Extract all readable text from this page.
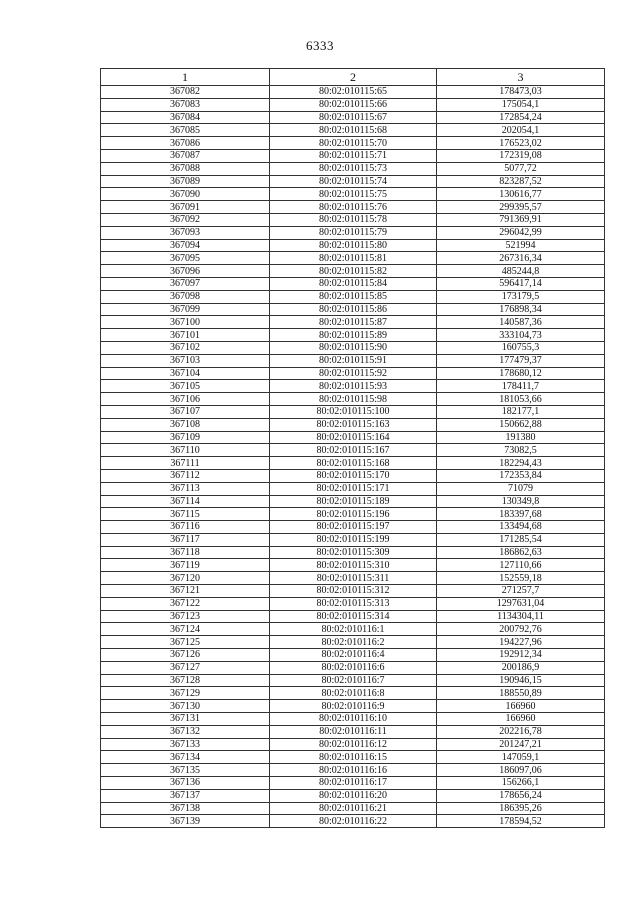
6333
1	2	3
367082	80:02:010115:65	178473,03
367083	80:02:010115:66	175054,1
367084	80:02:010115:67	172854,24
367085	80:02:010115:68	202054,1
367086	80:02:010115:70	176523,02
367087	80:02:010115:71	172319,08
367088	80:02:010115:73	5077,72
367089	80:02:010115:74	823287,52
367090	80:02:010115:75	130616,77
367091	80:02:010115:76	299395,57
367092	80:02:010115:78	791369,91
367093	80:02:010115:79	296042,99
367094	80:02:010115:80	521994
367095	80:02:010115:81	267316,34
367096	80:02:010115:82	485244,8
367097	80:02:010115:84	596417,14
367098	80:02:010115:85	173179,5
367099	80:02:010115:86	176898,34
367100	80:02:010115:87	140587,36
367101	80:02:010115:89	333104,73
367102	80:02:010115:90	160755,3
367103	80:02:010115:91	177479,37
367104	80:02:010115:92	178680,12
367105	80:02:010115:93	178411,7
367106	80:02:010115:98	181053,66
367107	80:02:010115:100	182177,1
367108	80:02:010115:163	150662,88
367109	80:02:010115:164	191380
367110	80:02:010115:167	73082,5
367111	80:02:010115:168	182294,43
367112	80:02:010115:170	172353,84
367113	80:02:010115:171	71079
367114	80:02:010115:189	130349,8
367115	80:02:010115:196	183397,68
367116	80:02:010115:197	133494,68
367117	80:02:010115:199	171285,54
367118	80:02:010115:309	186862,63
367119	80:02:010115:310	127110,66
367120	80:02:010115:311	152559,18
367121	80:02:010115:312	271257,7
367122	80:02:010115:313	1297631,04
367123	80:02:010115:314	1134304,11
367124	80:02:010116:1	200792,76
367125	80:02:010116:2	194227,96
367126	80:02:010116:4	192912,34
367127	80:02:010116:6	200186,9
367128	80:02:010116:7	190946,15
367129	80:02:010116:8	188550,89
367130	80:02:010116:9	166960
367131	80:02:010116:10	166960
367132	80:02:010116:11	202216,78
367133	80:02:010116:12	201247,21
367134	80:02:010116:15	147059,1
367135	80:02:010116:16	186097,06
367136	80:02:010116:17	156266,1
367137	80:02:010116:20	178656,24
367138	80:02:010116:21	186395,26
367139	80:02:010116:22	178594,52
